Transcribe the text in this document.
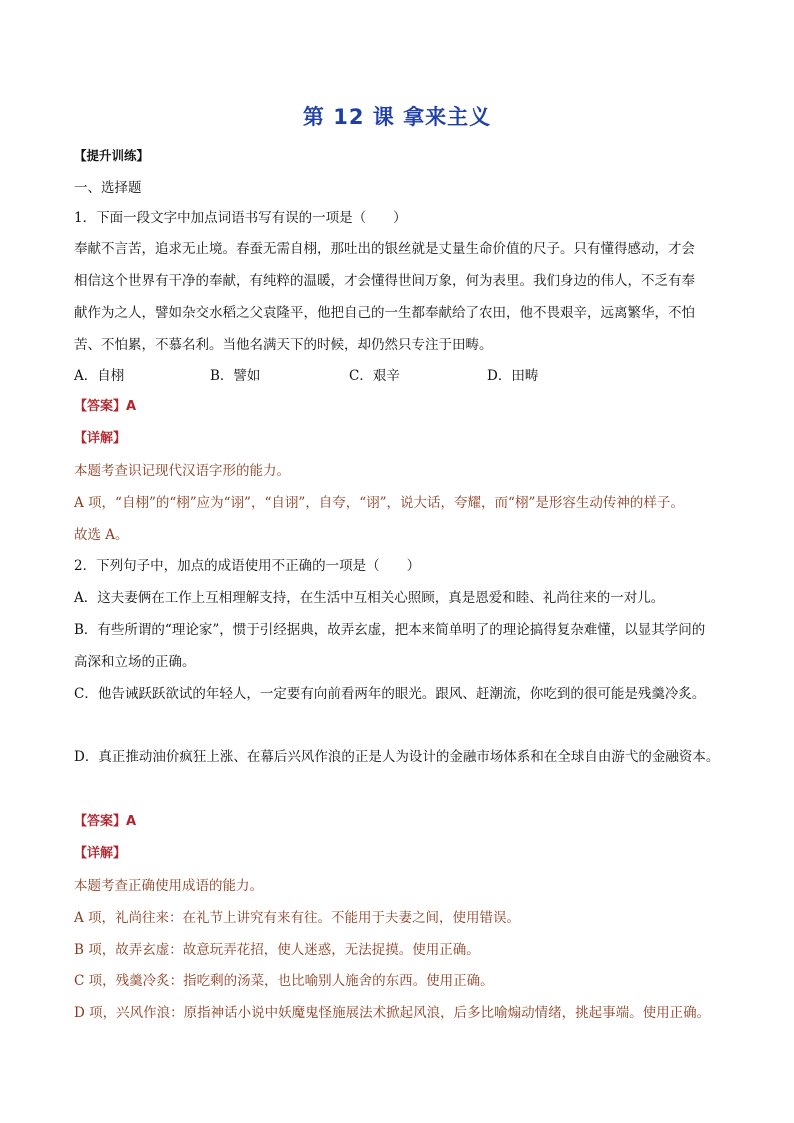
第 12 课 拿来主义
【提升训练】
一、选择题
1．下面一段文字中加点词语书写有误的一项是（　　）
奉献不言苦，追求无止境。春蚕无需自栩，那吐出的银丝就是丈量生命价值的尺子。只有懂得感动，才会
相信这个世界有干净的奉献，有纯粹的温暖，才会懂得世间万象，何为表里。我们身边的伟人，不乏有奉
献作为之人，譬如杂交水稻之父袁隆平，他把自己的一生都奉献给了农田，他不畏艰辛，远离繁华，不怕
苦、不怕累，不慕名利。当他名满天下的时候，却仍然只专注于田畴。
A．自栩	B．譬如	C．艰辛	D．田畴
【答案】A
【详解】
本题考查识记现代汉语字形的能力。
A 项，“自栩”的“栩”应为“诩”，“自诩”，自夸，“诩”，说大话，夸耀，而“栩”是形容生动传神的样子。
故选 A。
2．下列句子中，加点的成语使用不正确的一项是（　　）
A．这夫妻俩在工作上互相理解支持，在生活中互相关心照顾，真是恩爱和睦、礼尚往来的一对儿。
B．有些所谓的“理论家”，惯于引经据典，故弄玄虚，把本来简单明了的理论搞得复杂难懂，以显其学问的
高深和立场的正确。
C．他告诫跃跃欲试的年轻人，一定要有向前看两年的眼光。跟风、赶潮流，你吃到的很可能是残羹冷炙。
D．真正推动油价疯狂上涨、在幕后兴风作浪的正是人为设计的金融市场体系和在全球自由游弋的金融资本。
【答案】A
【详解】
本题考查正确使用成语的能力。
A 项，礼尚往来：在礼节上讲究有来有往。不能用于夫妻之间，使用错误。
B 项，故弄玄虚：故意玩弄花招，使人迷惑，无法捉摸。使用正确。
C 项，残羹冷炙：指吃剩的汤菜，也比喻别人施舍的东西。使用正确。
D 项，兴风作浪：原指神话小说中妖魔鬼怪施展法术掀起风浪，后多比喻煽动情绪，挑起事端。使用正确。
